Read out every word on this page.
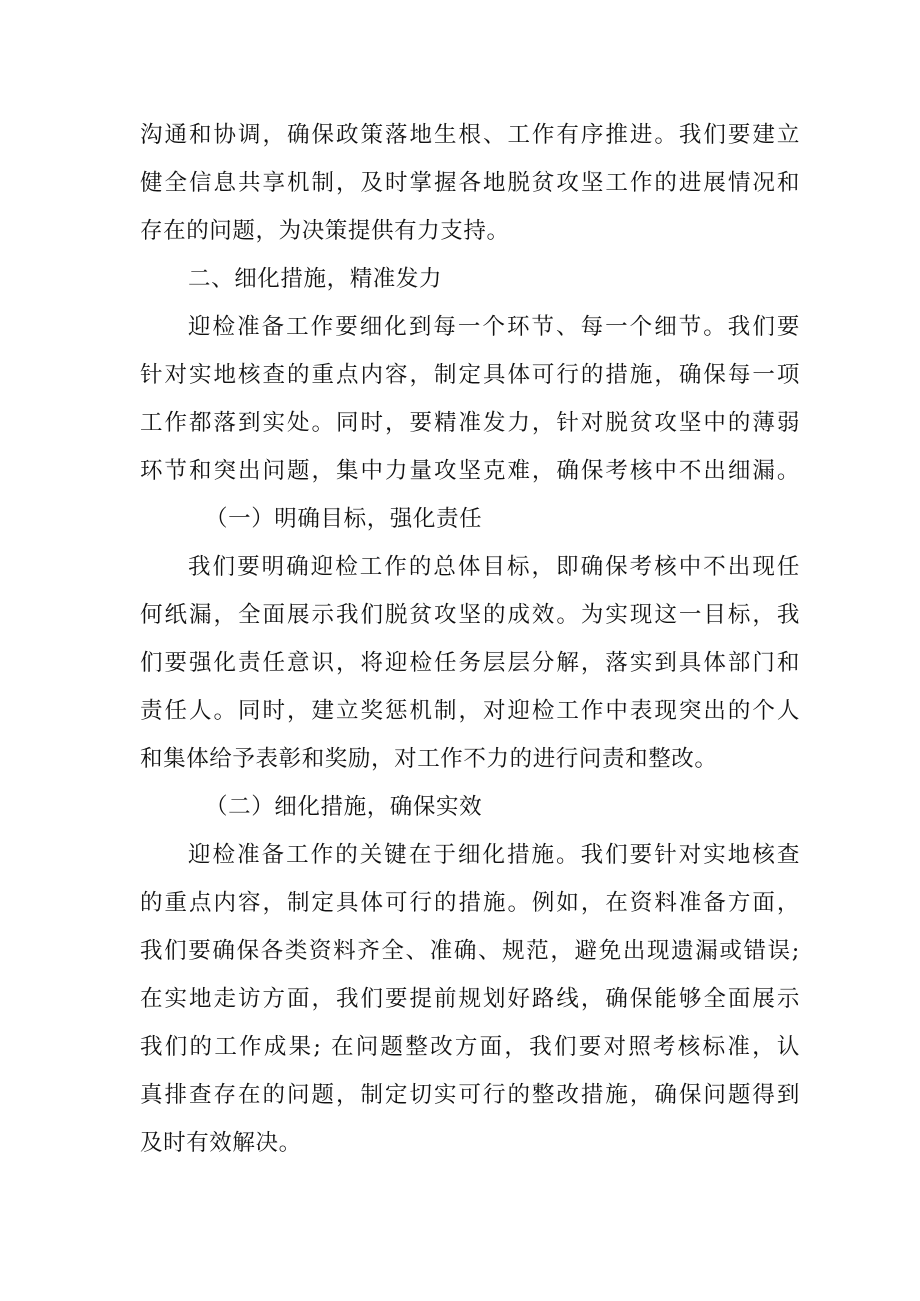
沟通和协调，确保政策落地生根、工作有序推进。我们要建立
健全信息共享机制，及时掌握各地脱贫攻坚工作的进展情况和
存在的问题，为决策提供有力支持。
二、细化措施，精准发力
迎检准备工作要细化到每一个环节、每一个细节。我们要
针对实地核查的重点内容，制定具体可行的措施，确保每一项
工作都落到实处。同时，要精准发力，针对脱贫攻坚中的薄弱
环节和突出问题，集中力量攻坚克难，确保考核中不出细漏。
（一）明确目标，强化责任
我们要明确迎检工作的总体目标，即确保考核中不出现任
何纸漏，全面展示我们脱贫攻坚的成效。为实现这一目标，我
们要强化责任意识，将迎检任务层层分解，落实到具体部门和
责任人。同时，建立奖惩机制，对迎检工作中表现突出的个人
和集体给予表彰和奖励，对工作不力的进行问责和整改。
（二）细化措施，确保实效
迎检准备工作的关键在于细化措施。我们要针对实地核查
的重点内容，制定具体可行的措施。例如，在资料准备方面，
我们要确保各类资料齐全、准确、规范，避免出现遗漏或错误;
在实地走访方面，我们要提前规划好路线，确保能够全面展示
我们的工作成果; 在问题整改方面，我们要对照考核标准，认
真排查存在的问题，制定切实可行的整改措施，确保问题得到
及时有效解决。
